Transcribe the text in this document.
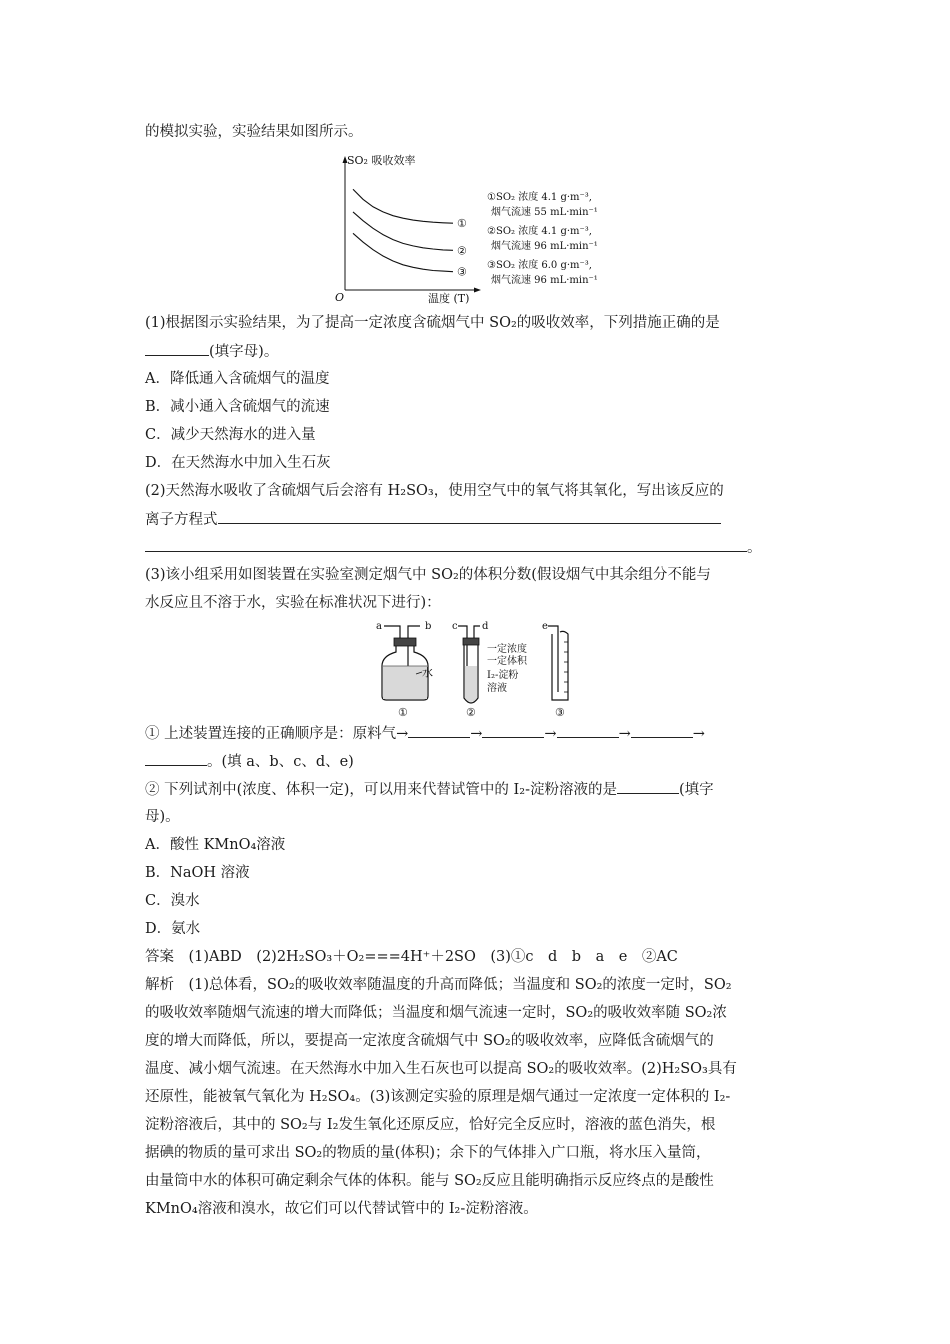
的模拟实验，实验结果如图所示。
SO₂ 吸收效率
O	温度 (T)
①
②
③
①SO₂ 浓度 4.1 g·m⁻³,
烟气流速 55 mL·min⁻¹
②SO₂ 浓度 4.1 g·m⁻³,
烟气流速 96 mL·min⁻¹
③SO₂ 浓度 6.0 g·m⁻³,
烟气流速 96 mL·min⁻¹
(1)根据图示实验结果，为了提高一定浓度含硫烟气中 SO₂的吸收效率，下列措施正确的是
(填字母)。
A．降低通入含硫烟气的温度
B．减小通入含硫烟气的流速
C．减少天然海水的进入量
D．在天然海水中加入生石灰
(2)天然海水吸收了含硫烟气后会溶有 H₂SO₃，使用空气中的氧气将其氧化，写出该反应的
离子方程式
。
(3)该小组采用如图装置在实验室测定烟气中 SO₂的体积分数(假设烟气中其余组分不能与
水反应且不溶于水，实验在标准状况下进行)：
a	b
水
①
c d
一定浓度
一定体积
I₂-淀粉
溶液
②
e
③
① 上述装置连接的正确顺序是：原料气→	→	→	→	→
。(填 a、b、c、d、e)
② 下列试剂中(浓度、体积一定)，可以用来代替试管中的 I₂-淀粉溶液的是	(填字
母)。
A．酸性 KMnO₄溶液
B．NaOH 溶液
C．溴水
D．氨水
答案　(1)ABD　(2)2H₂SO₃＋O₂===4H⁺＋2SO　(3)①c　d　b　a　e　②AC
解析　(1)总体看，SO₂的吸收效率随温度的升高而降低；当温度和 SO₂的浓度一定时，SO₂
的吸收效率随烟气流速的增大而降低；当温度和烟气流速一定时，SO₂的吸收效率随 SO₂浓
度的增大而降低，所以，要提高一定浓度含硫烟气中 SO₂的吸收效率，应降低含硫烟气的
温度、减小烟气流速。在天然海水中加入生石灰也可以提高 SO₂的吸收效率。(2)H₂SO₃具有
还原性，能被氧气氧化为 H₂SO₄。(3)该测定实验的原理是烟气通过一定浓度一定体积的 I₂-
淀粉溶液后，其中的 SO₂与 I₂发生氧化还原反应，恰好完全反应时，溶液的蓝色消失，根
据碘的物质的量可求出 SO₂的物质的量(体积)；余下的气体排入广口瓶，将水压入量筒，
由量筒中水的体积可确定剩余气体的体积。能与 SO₂反应且能明确指示反应终点的是酸性
KMnO₄溶液和溴水，故它们可以代替试管中的 I₂-淀粉溶液。
